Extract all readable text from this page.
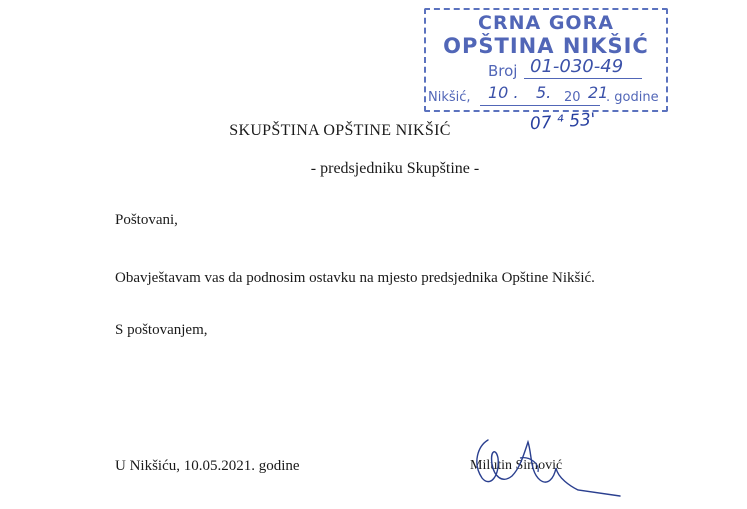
CRNA GORA
OPŠTINA NIKŠIĆ
Broj 01-030-49
Nikšić, 10 . 5. 20 21
. godine
07 ⁴ 53'
SKUPŠTINA OPŠTINE NIKŠIĆ
- predsjedniku Skupštine -
Poštovani,
Obavještavam vas da podnosim ostavku na mjesto predsjednika Opštine Nikšić.
S poštovanjem,
U Nikšiću, 10.05.2021. godine	Milutin Simović
